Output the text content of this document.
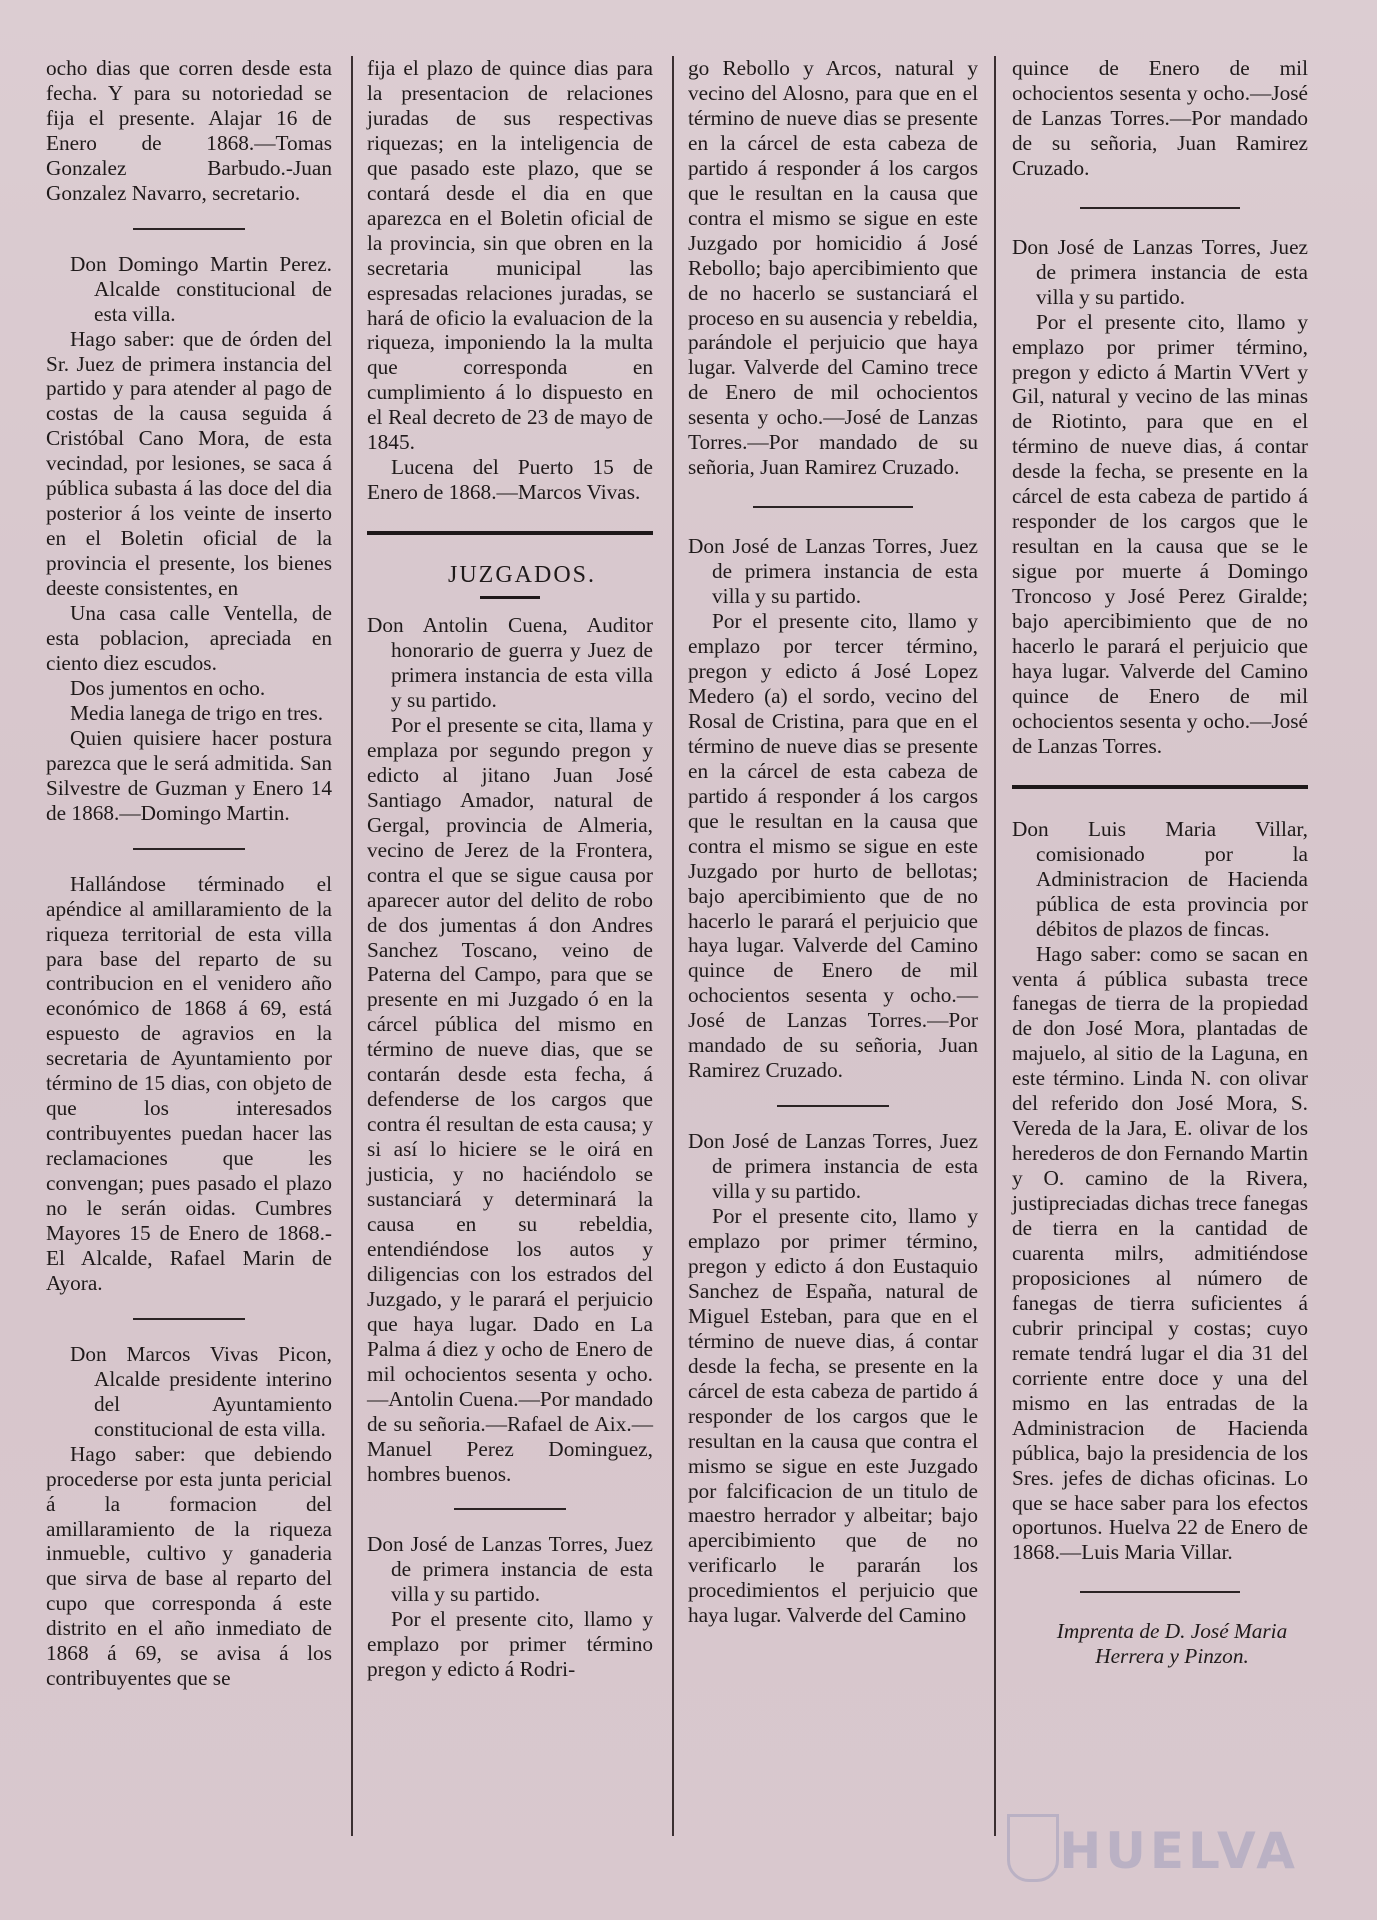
ocho dias que corren desde esta fecha. Y para su notoriedad se fija el presente. Alajar 16 de Enero de 1868.—Tomas Gonzalez Barbudo.-Juan Gonzalez Navarro, secretario.

Don Domingo Martin Perez. Alcalde constitucional de esta villa.

Hago saber: que de órden del Sr. Juez de primera instancia del partido y para atender al pago de costas de la causa seguida á Cristóbal Cano Mora, de esta vecindad, por lesiones, se saca á pública subasta á las doce del dia posterior á los veinte de inserto en el Boletin oficial de la provincia el presente, los bienes deeste consistentes, en

Una casa calle Ventella, de esta poblacion, apreciada en ciento diez escudos.

Dos jumentos en ocho.

Media lanega de trigo en tres.

Quien quisiere hacer postura parezca que le será admitida. San Silvestre de Guzman y Enero 14 de 1868.—Domingo Martin.

Hallándose términado el apéndice al amillaramiento de la riqueza territorial de esta villa para base del reparto de su contribucion en el venidero año económico de 1868 á 69, está espuesto de agravios en la secretaria de Ayuntamiento por término de 15 dias, con objeto de que los interesados contribuyentes puedan hacer las reclamaciones que les convengan; pues pasado el plazo no le serán oidas. Cumbres Mayores 15 de Enero de 1868.-El Alcalde, Rafael Marin de Ayora.

Don Marcos Vivas Picon, Alcalde presidente interino del Ayuntamiento constitucional de esta villa.

Hago saber: que debiendo procederse por esta junta pericial á la formacion del amillaramiento de la riqueza inmueble, cultivo y ganaderia que sirva de base al reparto del cupo que corresponda á este distrito en el año inmediato de 1868 á 69, se avisa á los contribuyentes que se

fija el plazo de quince dias para la presentacion de relaciones juradas de sus respectivas riquezas; en la inteligencia de que pasado este plazo, que se contará desde el dia en que aparezca en el Boletin oficial de la provincia, sin que obren en la secretaria municipal las espresadas relaciones juradas, se hará de oficio la evaluacion de la riqueza, imponiendo la la multa que corresponda en cumplimiento á lo dispuesto en el Real decreto de 23 de mayo de 1845.

Lucena del Puerto 15 de Enero de 1868.—Marcos Vivas.

JUZGADOS.

Don Antolin Cuena, Auditor honorario de guerra y Juez de primera instancia de esta villa y su partido.

Por el presente se cita, llama y emplaza por segundo pregon y edicto al jitano Juan José Santiago Amador, natural de Gergal, provincia de Almeria, vecino de Jerez de la Frontera, contra el que se sigue causa por aparecer autor del delito de robo de dos jumentas á don Andres Sanchez Toscano, veino de Paterna del Campo, para que se presente en mi Juzgado ó en la cárcel pública del mismo en término de nueve dias, que se contarán desde esta fecha, á defenderse de los cargos que contra él resultan de esta causa; y si así lo hiciere se le oirá en justicia, y no haciéndolo se sustanciará y determinará la causa en su rebeldia, entendiéndose los autos y diligencias con los estrados del Juzgado, y le parará el perjuicio que haya lugar. Dado en La Palma á diez y ocho de Enero de mil ochocientos sesenta y ocho.—Antolin Cuena.—Por mandado de su señoria.—Rafael de Aix.—Manuel Perez Dominguez, hombres buenos.

Don José de Lanzas Torres, Juez de primera instancia de esta villa y su partido.

Por el presente cito, llamo y emplazo por primer término pregon y edicto á Rodri-

go Rebollo y Arcos, natural y vecino del Alosno, para que en el término de nueve dias se presente en la cárcel de esta cabeza de partido á responder á los cargos que le resultan en la causa que contra el mismo se sigue en este Juzgado por homicidio á José Rebollo; bajo apercibimiento que de no hacerlo se sustanciará el proceso en su ausencia y rebeldia, parándole el perjuicio que haya lugar. Valverde del Camino trece de Enero de mil ochocientos sesenta y ocho.—José de Lanzas Torres.—Por mandado de su señoria, Juan Ramirez Cruzado.

Don José de Lanzas Torres, Juez de primera instancia de esta villa y su partido.

Por el presente cito, llamo y emplazo por tercer término, pregon y edicto á José Lopez Medero (a) el sordo, vecino del Rosal de Cristina, para que en el término de nueve dias se presente en la cárcel de esta cabeza de partido á responder á los cargos que le resultan en la causa que contra el mismo se sigue en este Juzgado por hurto de bellotas; bajo apercibimiento que de no hacerlo le parará el perjuicio que haya lugar. Valverde del Camino quince de Enero de mil ochocientos sesenta y ocho.—José de Lanzas Torres.—Por mandado de su señoria, Juan Ramirez Cruzado.

Don José de Lanzas Torres, Juez de primera instancia de esta villa y su partido.

Por el presente cito, llamo y emplazo por primer término, pregon y edicto á don Eustaquio Sanchez de España, natural de Miguel Esteban, para que en el término de nueve dias, á contar desde la fecha, se presente en la cárcel de esta cabeza de partido á responder de los cargos que le resultan en la causa que contra el mismo se sigue en este Juzgado por falcificacion de un titulo de maestro herrador y albeitar; bajo apercibimiento que de no verificarlo le pararán los procedimientos el perjuicio que haya lugar. Valverde del Camino

quince de Enero de mil ochocientos sesenta y ocho.—José de Lanzas Torres.—Por mandado de su señoria, Juan Ramirez Cruzado.

Don José de Lanzas Torres, Juez de primera instancia de esta villa y su partido.

Por el presente cito, llamo y emplazo por primer término, pregon y edicto á Martin VVert y Gil, natural y vecino de las minas de Riotinto, para que en el término de nueve dias, á contar desde la fecha, se presente en la cárcel de esta cabeza de partido á responder de los cargos que le resultan en la causa que se le sigue por muerte á Domingo Troncoso y José Perez Giralde; bajo apercibimiento que de no hacerlo le parará el perjuicio que haya lugar. Valverde del Camino quince de Enero de mil ochocientos sesenta y ocho.—José de Lanzas Torres.

Don Luis Maria Villar, comisionado por la Administracion de Hacienda pública de esta provincia por débitos de plazos de fincas.

Hago saber: como se sacan en venta á pública subasta trece fanegas de tierra de la propiedad de don José Mora, plantadas de majuelo, al sitio de la Laguna, en este término. Linda N. con olivar del referido don José Mora, S. Vereda de la Jara, E. olivar de los herederos de don Fernando Martin y O. camino de la Rivera, justipreciadas dichas trece fanegas de tierra en la cantidad de cuarenta milrs, admitiéndose proposiciones al número de fanegas de tierra suficientes á cubrir principal y costas; cuyo remate tendrá lugar el dia 31 del corriente entre doce y una del mismo en las entradas de la Administracion de Hacienda pública, bajo la presidencia de los Sres. jefes de dichas oficinas. Lo que se hace saber para los efectos oportunos. Huelva 22 de Enero de 1868.—Luis Maria Villar.

Imprenta de D. José Maria

Herrera y Pinzon.

HUELVA
